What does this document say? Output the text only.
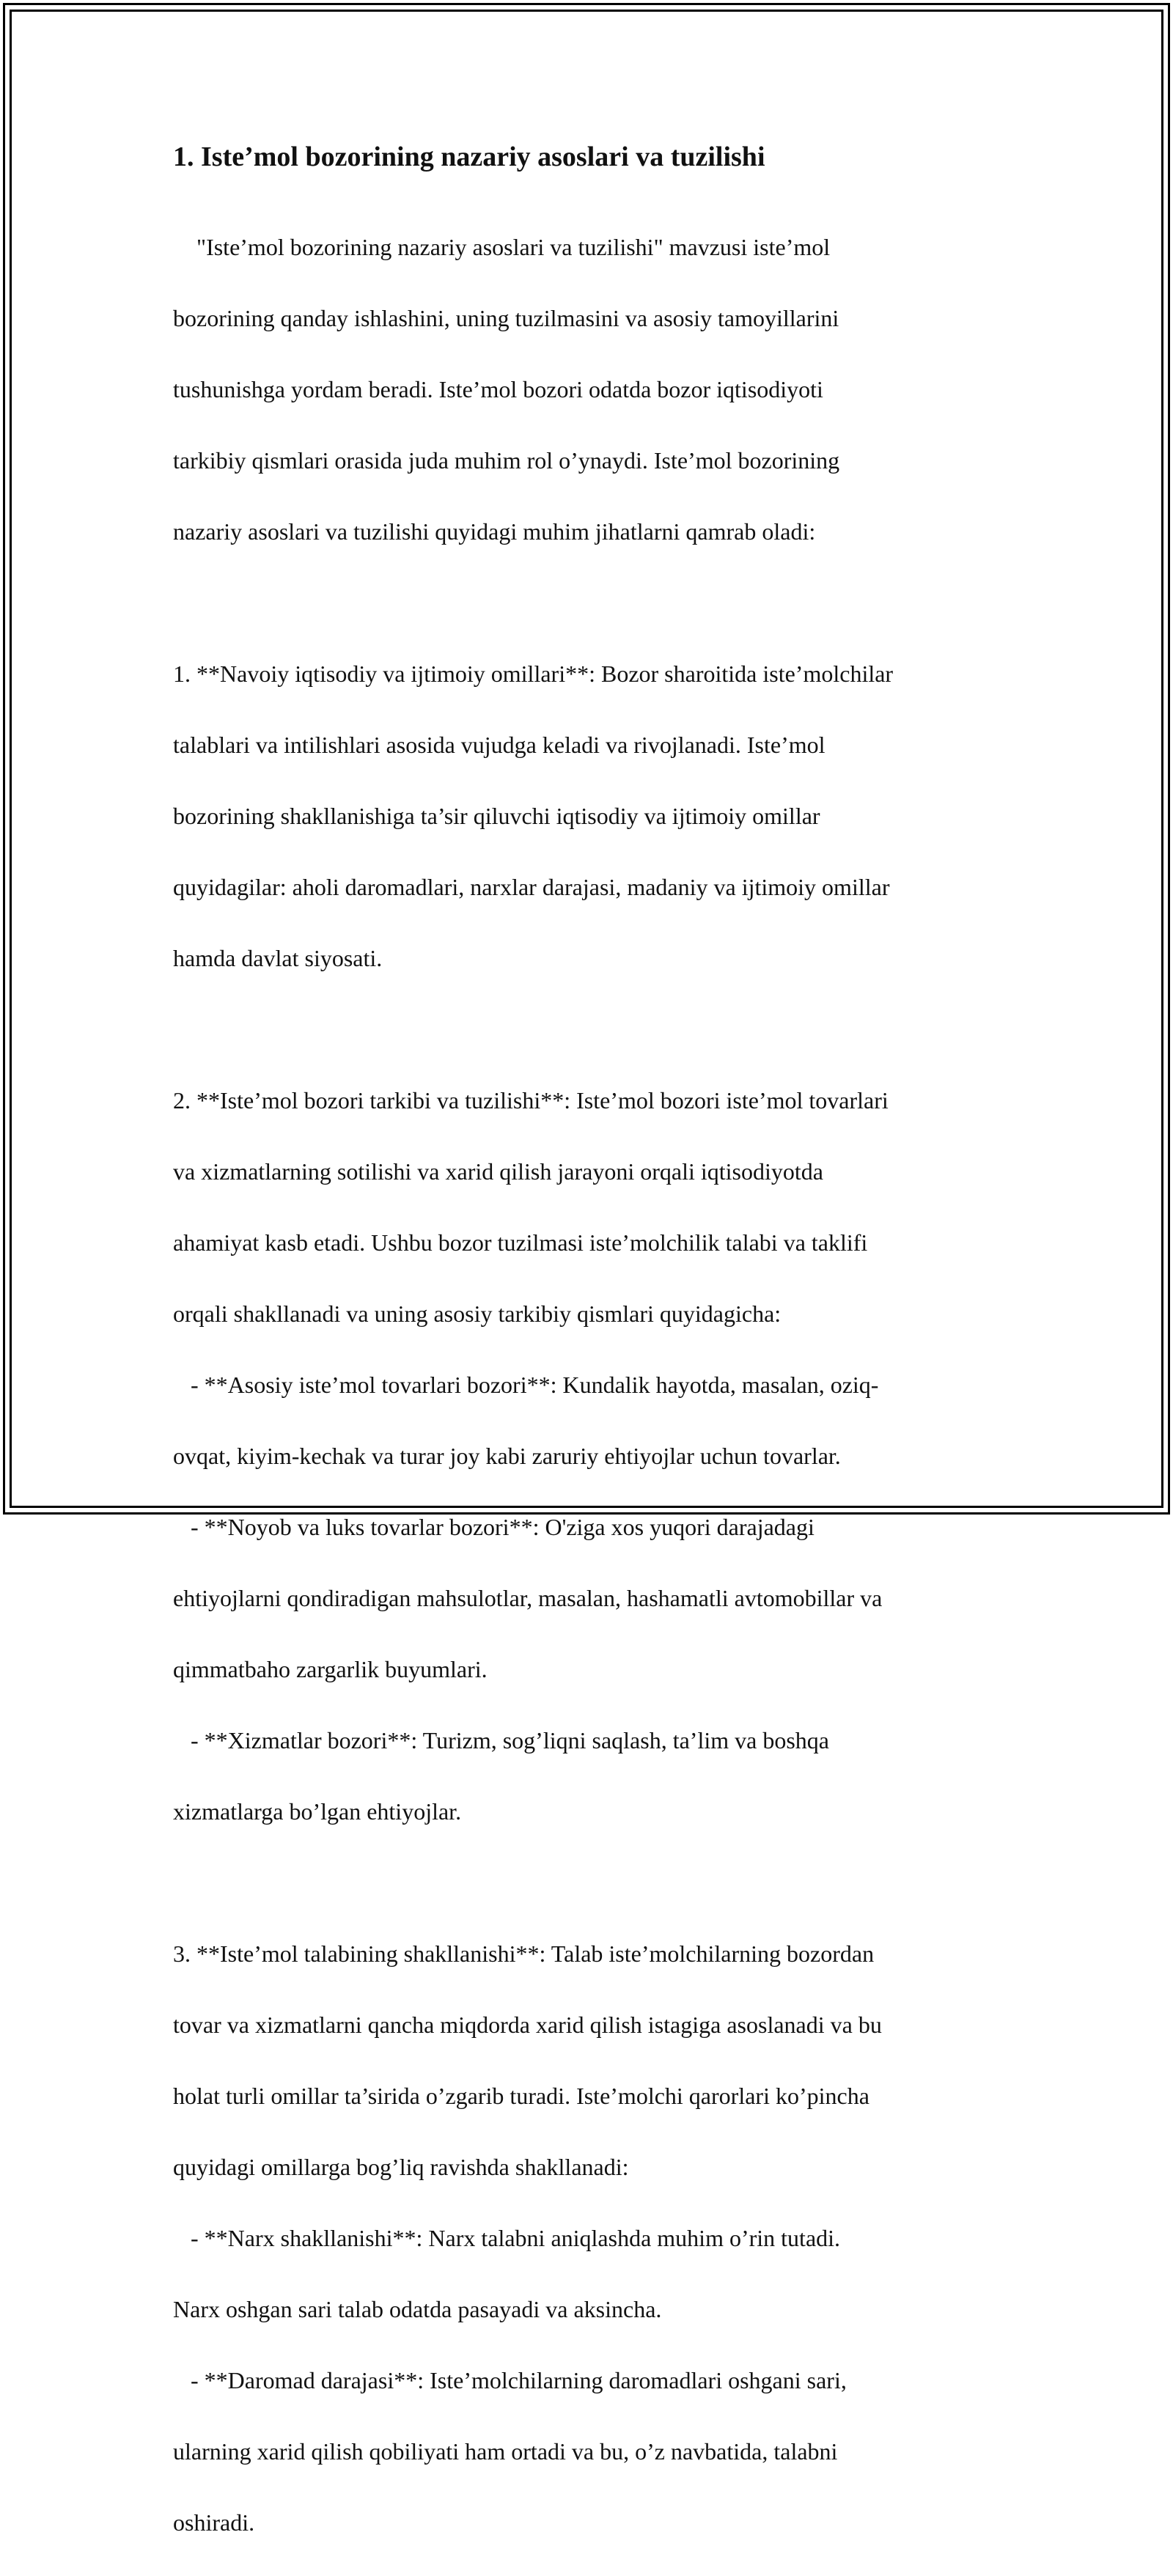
1. Iste’mol bozorining nazariy asoslari va tuzilishi

"Iste’mol bozorining nazariy asoslari va tuzilishi" mavzusi iste’mol

bozorining qanday ishlashini, uning tuzilmasini va asosiy tamoyillarini

tushunishga yordam beradi. Iste’mol bozori odatda bozor iqtisodiyoti

tarkibiy qismlari orasida juda muhim rol o’ynaydi. Iste’mol bozorining

nazariy asoslari va tuzilishi quyidagi muhim jihatlarni qamrab oladi:

1. **Navoiy iqtisodiy va ijtimoiy omillari**: Bozor sharoitida iste’molchilar

talablari va intilishlari asosida vujudga keladi va rivojlanadi. Iste’mol

bozorining shakllanishiga ta’sir qiluvchi iqtisodiy va ijtimoiy omillar

quyidagilar: aholi daromadlari, narxlar darajasi, madaniy va ijtimoiy omillar

hamda davlat siyosati.

2. **Iste’mol bozori tarkibi va tuzilishi**: Iste’mol bozori iste’mol tovarlari

va xizmatlarning sotilishi va xarid qilish jarayoni orqali iqtisodiyotda

ahamiyat kasb etadi. Ushbu bozor tuzilmasi iste’molchilik talabi va taklifi

orqali shakllanadi va uning asosiy tarkibiy qismlari quyidagicha:

- **Asosiy iste’mol tovarlari bozori**: Kundalik hayotda, masalan, oziq-

ovqat, kiyim-kechak va turar joy kabi zaruriy ehtiyojlar uchun tovarlar.

- **Noyob va luks tovarlar bozori**: O'ziga xos yuqori darajadagi

ehtiyojlarni qondiradigan mahsulotlar, masalan, hashamatli avtomobillar va

qimmatbaho zargarlik buyumlari.

- **Xizmatlar bozori**: Turizm, sog’liqni saqlash, ta’lim va boshqa

xizmatlarga bo’lgan ehtiyojlar.

3. **Iste’mol talabining shakllanishi**: Talab iste’molchilarning bozordan

tovar va xizmatlarni qancha miqdorda xarid qilish istagiga asoslanadi va bu

holat turli omillar ta’sirida o’zgarib turadi. Iste’molchi qarorlari ko’pincha

quyidagi omillarga bog’liq ravishda shakllanadi:

- **Narx shakllanishi**: Narx talabni aniqlashda muhim o’rin tutadi.

Narx oshgan sari talab odatda pasayadi va aksincha.

- **Daromad darajasi**: Iste’molchilarning daromadlari oshgani sari,

ularning xarid qilish qobiliyati ham ortadi va bu, o’z navbatida, talabni

oshiradi.
